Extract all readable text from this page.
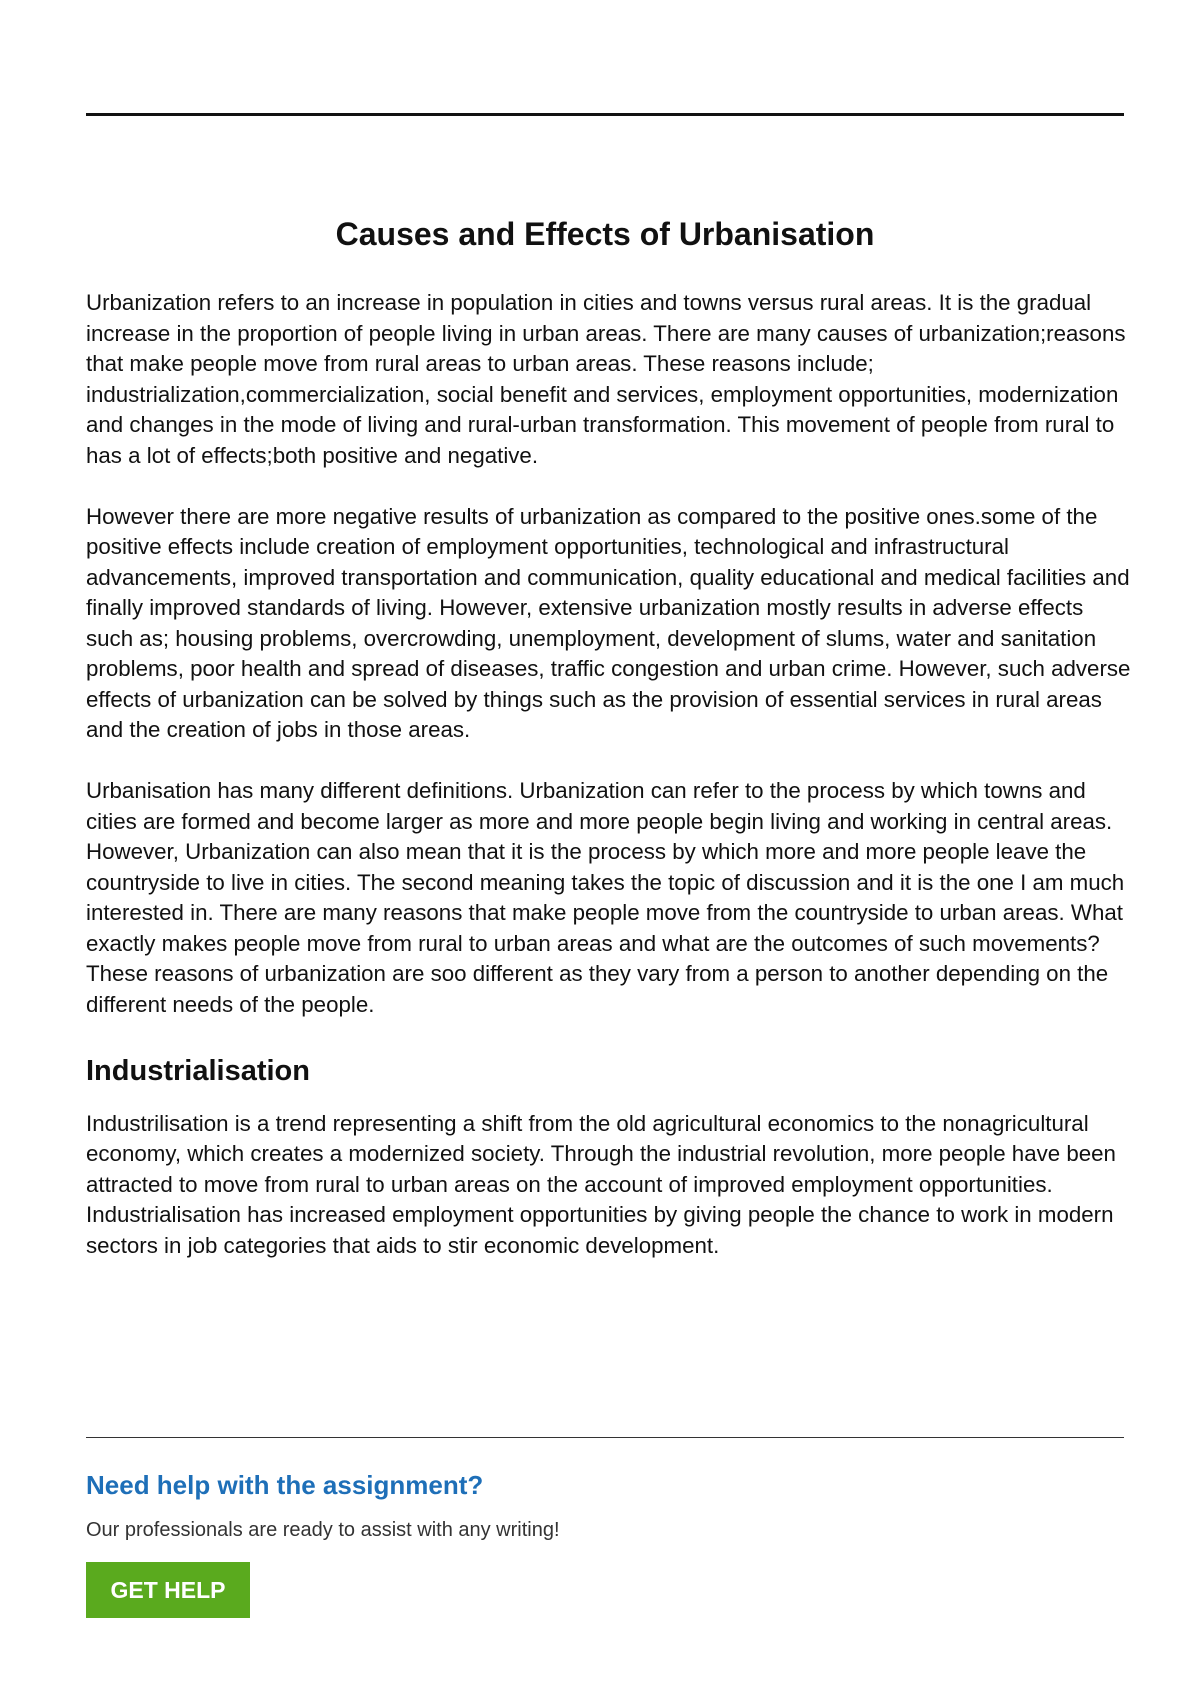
Causes and Effects of Urbanisation

Urbanization refers to an increase in population in cities and towns versus rural areas. It is the gradual increase in the proportion of people living in urban areas. There are many causes of urbanization;reasons that make people move from rural areas to urban areas. These reasons include; industrialization,commercialization, social benefit and services, employment opportunities, modernization and changes in the mode of living and rural-urban transformation. This movement of people from rural to has a lot of effects;both positive and negative.

However there are more negative results of urbanization as compared to the positive ones.some of the positive effects include creation of employment opportunities, technological and infrastructural advancements, improved transportation and communication, quality educational and medical facilities and finally improved standards of living. However, extensive urbanization mostly results in adverse effects such as; housing problems, overcrowding, unemployment, development of slums, water and sanitation problems, poor health and spread of diseases, traffic congestion and urban crime. However, such adverse effects of urbanization can be solved by things such as the provision of essential services in rural areas and the creation of jobs in those areas.

Urbanisation has many different definitions. Urbanization can refer to the process by which towns and cities are formed and become larger as more and more people begin living and working in central areas. However, Urbanization can also mean that it is the process by which more and more people leave the countryside to live in cities. The second meaning takes the topic of discussion and it is the one I am much interested in. There are many reasons that make people move from the countryside to urban areas. What exactly makes people move from rural to urban areas and what are the outcomes of such movements? These reasons of urbanization are soo different as they vary from a person to another depending on the different needs of the people.

Industrialisation

Industrilisation is a trend representing a shift from the old agricultural economics to the nonagricultural economy, which creates a modernized society. Through the industrial revolution, more people have been attracted to move from rural to urban areas on the account of improved employment opportunities. Industrialisation has increased employment opportunities by giving people the chance to work in modern sectors in job categories that aids to stir economic development.

Need help with the assignment?

Our professionals are ready to assist with any writing!

GET HELP
